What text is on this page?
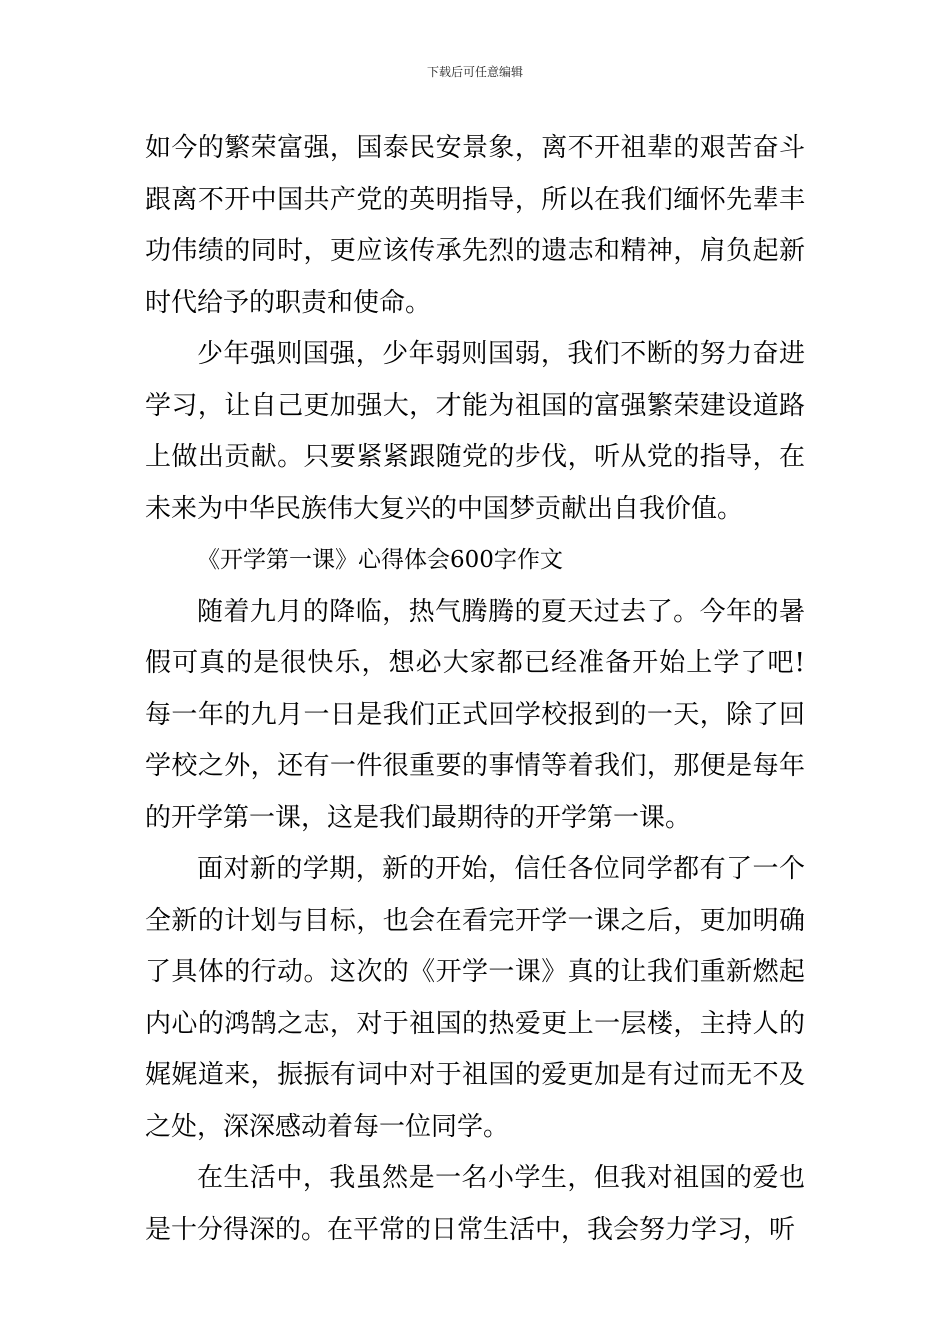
下载后可任意编辑

如今的繁荣富强，国泰民安景象，离不开祖辈的艰苦奋斗跟离不开中国共产党的英明指导，所以在我们缅怀先辈丰功伟绩的同时，更应该传承先烈的遗志和精神，肩负起新时代给予的职责和使命。

少年强则国强，少年弱则国弱，我们不断的努力奋进学习，让自己更加强大，才能为祖国的富强繁荣建设道路上做出贡献。只要紧紧跟随党的步伐，听从党的指导，在未来为中华民族伟大复兴的中国梦贡献出自我价值。

《开学第一课》心得体会600字作文

随着九月的降临，热气腾腾的夏天过去了。今年的暑假可真的是很快乐，想必大家都已经准备开始上学了吧!每一年的九月一日是我们正式回学校报到的一天，除了回学校之外，还有一件很重要的事情等着我们，那便是每年的开学第一课，这是我们最期待的开学第一课。

面对新的学期，新的开始，信任各位同学都有了一个全新的计划与目标，也会在看完开学一课之后，更加明确了具体的行动。这次的《开学一课》真的让我们重新燃起内心的鸿鹄之志，对于祖国的热爱更上一层楼，主持人的娓娓道来，振振有词中对于祖国的爱更加是有过而无不及之处，深深感动着每一位同学。

在生活中，我虽然是一名小学生，但我对祖国的爱也是十分得深的。在平常的日常生活中，我会努力学习，听
